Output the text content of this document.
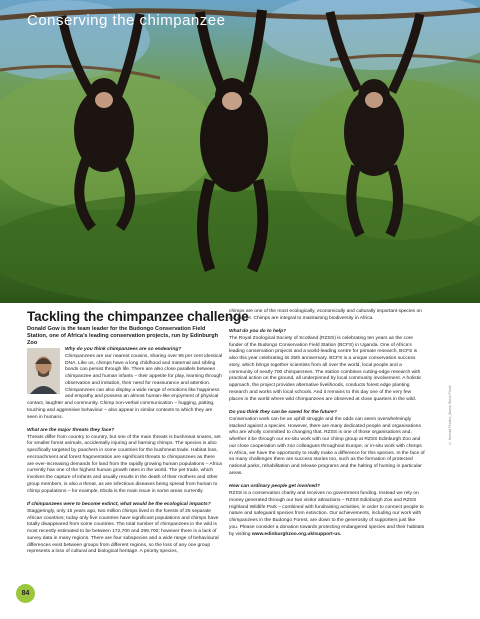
Conserving the chimpanzee
Tackling the chimpanzee challenge

Donald Gow is the team leader for the Budongo Conservation Field Station, one of Africa’s leading conservation projects, run by Edinburgh Zoo

Why do you think chimpanzees are so endearing?
Chimpanzees are our nearest cousins, sharing over 95 per cent identical DNA. Like us, chimps have a long childhood and maternal and sibling bonds can persist through life. There are also close parallels between chimpanzee and human infants – their appetite for play, learning through observation and imitation, their need for reassurance and attention. Chimpanzees can also display a wide range of emotions like happiness and empathy and possess an almost human-like enjoyment of physical contact, laughter and community. Chimp non-verbal communication – hugging, patting, touching and aggressive behaviour – also appear in similar contexts to which they are seen in humans.
What are the major threats they face?
Threats differ from country to country, but one of the main threats is bushmeat snares, set for smaller forest animals, accidentally injuring and harming chimps. The species is also specifically targeted by poachers in some countries for the bushmeat trade. Habitat loss, encroachment and forest fragmentation are significant threats to chimpanzees as there are ever-increasing demands for land from the rapidly growing human populations – Africa currently has one of the highest human growth rates in the world. The pet trade, which involves the capture of infants and usually results in the death of their mothers and other group members, is also a threat, as are infectious diseases being spread from human to chimp populations – for example, Ebola is the main issue in some areas currently.
If chimpanzees were to become extinct, what would be the ecological impacts?
Staggeringly, only 15 years ago, two million chimps lived in the forests of 25 separate African countries; today only five countries have significant populations and chimps have totally disappeared from some countries. The total number of chimpanzees in the wild is most recently estimated to be between 172,700 and 299,700; however there is a lack of survey data in many regions. There are four subspecies and a wide range of behavioural differences exist between groups from different regions, so the loss of any one group represents a loss of cultural and biological heritage. A priority species,
chimps are one of the most ecologically, economically and culturally important species on our planet. Chimps are integral to maintaining biodiversity in Africa.
What do you do to help?
The Royal Zoological Society of Scotland (RZSS) is celebrating ten years as the core funder of the Budongo Conservation Field Station (BCFS) in Uganda. One of Africa’s leading conservation projects and a world-leading centre for primate research, BCFS is also this year celebrating its 25th anniversary. BCFS is a unique conservation success story, which brings together scientists from all over the world, local people and a community of nearly 700 chimpanzees. The station combines cutting-edge research with practical action on the ground, all underpinned by local community involvement. A holistic approach, the project provides alternative livelihoods, conducts forest edge planting research and works with local schools. And it remains to this day one of the very few places in the world where wild chimpanzees are observed at close quarters in the wild.
Do you think they can be saved for the future?
Conservation work can be an uphill struggle and the odds can seem overwhelmingly stacked against a species. However, there are many dedicated people and organisations who are wholly committed to changing that. RZSS is one of those organisations and, whether it be through our ex-situ work with our chimp group at RZSS Edinburgh Zoo and our close cooperation with zoo colleagues throughout Europe, or in-situ work with chimps in Africa, we have the opportunity to really make a difference for this species. In the face of so many challenges there are success stories too, such as the formation of protected national parks, rehabilitation and release programs and the halting of hunting in particular areas.
How can ordinary people get involved?
RZSS is a conservation charity and receives no government funding. Instead we rely on money generated through our two visitor attractions – RZSS Edinburgh Zoo and RZSS Highland Wildlife Park – combined with fundraising activities, in order to connect people to nature and safeguard species from extinction. Our achievements, including our work with chimpanzees in the Budongo Forest, are down to the generosity of supporters just like you. Please consider a donation towards protecting endangered species and their habitats by visiting www.edinburghzoo.org.uk/support-us.
© Nomad Photos_Alamy Stock Photo
84
